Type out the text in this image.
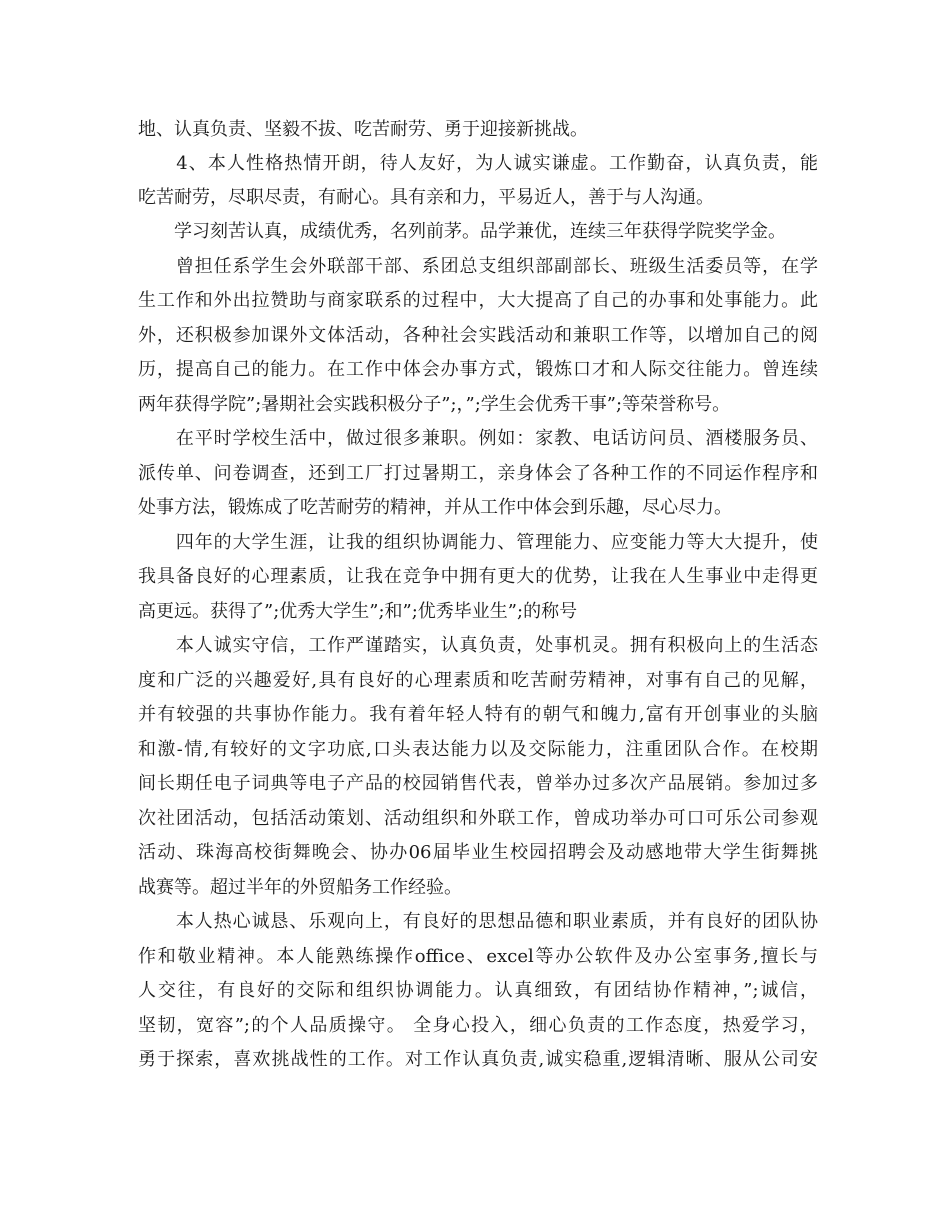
地、认真负责、坚毅不拔、吃苦耐劳、勇于迎接新挑战。
　　4、本人性格热情开朗，待人友好，为人诚实谦虚。工作勤奋，认真负责，能
吃苦耐劳，尽职尽责，有耐心。具有亲和力，平易近人，善于与人沟通。
　　学习刻苦认真，成绩优秀，名列前茅。品学兼优，连续三年获得学院奖学金。
　　曾担任系学生会外联部干部、系团总支组织部副部长、班级生活委员等，在学
生工作和外出拉赞助与商家联系的过程中，大大提高了自己的办事和处事能力。此
外，还积极参加课外文体活动，各种社会实践活动和兼职工作等，以增加自己的阅
历，提高自己的能力。在工作中体会办事方式，锻炼口才和人际交往能力。曾连续
两年获得学院”;暑期社会实践积极分子”;，”;学生会优秀干事”;等荣誉称号。
　　在平时学校生活中，做过很多兼职。例如：家教、电话访问员、酒楼服务员、
派传单、问卷调查，还到工厂打过暑期工，亲身体会了各种工作的不同运作程序和
处事方法，锻炼成了吃苦耐劳的精神，并从工作中体会到乐趣，尽心尽力。
　　四年的大学生涯，让我的组织协调能力、管理能力、应变能力等大大提升，使
我具备良好的心理素质，让我在竞争中拥有更大的优势，让我在人生事业中走得更
高更远。获得了”;优秀大学生”;和”;优秀毕业生”;的称号
　　本人诚实守信，工作严谨踏实，认真负责，处事机灵。拥有积极向上的生活态
度和广泛的兴趣爱好,具有良好的心理素质和吃苦耐劳精神，对事有自己的见解，
并有较强的共事协作能力。我有着年轻人特有的朝气和魄力,富有开创事业的头脑
和激-情,有较好的文字功底,口头表达能力以及交际能力，注重团队合作。在校期
间长期任电子词典等电子产品的校园销售代表，曾举办过多次产品展销。参加过多
次社团活动，包括活动策划、活动组织和外联工作，曾成功举办可口可乐公司参观
活动、珠海高校街舞晚会、协办06届毕业生校园招聘会及动感地带大学生街舞挑
战赛等。超过半年的外贸船务工作经验。
　　本人热心诚恳、乐观向上，有良好的思想品德和职业素质，并有良好的团队协
作和敬业精神。本人能熟练操作office、excel等办公软件及办公室事务,擅长与
人交往，有良好的交际和组织协调能力。认真细致，有团结协作精神，”;诚信，
坚韧，宽容”;的个人品质操守。 全身心投入，细心负责的工作态度，热爱学习，
勇于探索，喜欢挑战性的工作。对工作认真负责,诚实稳重,逻辑清晰、服从公司安
